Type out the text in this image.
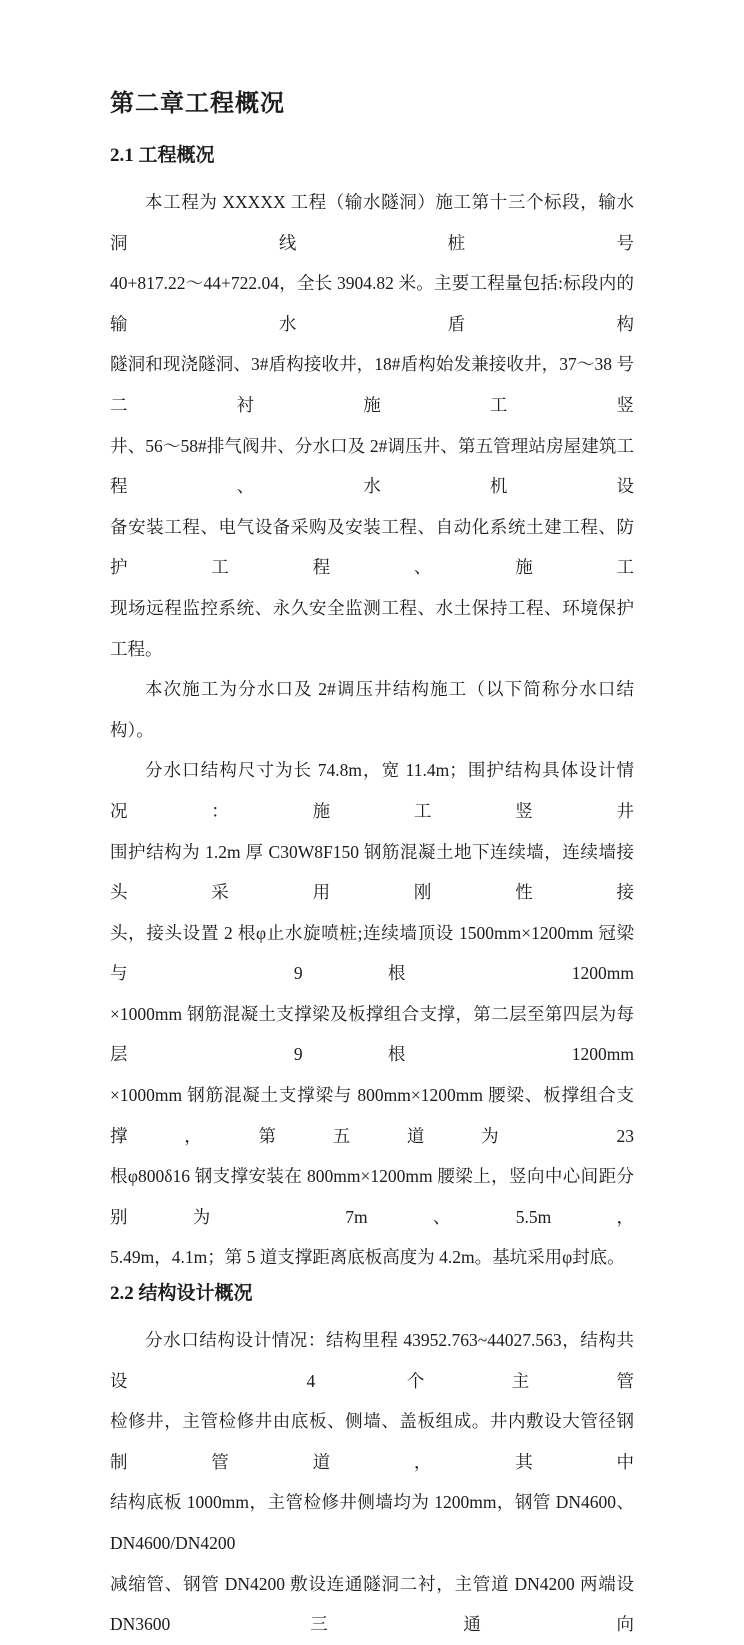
第二章工程概况
2.1 工程概况
本工程为 XXXXX 工程（输水隧洞）施工第十三个标段，输水洞线桩号
40+817.22～44+722.04，全长 3904.82 米。主要工程量包括:标段内的输水盾构
隧洞和现浇隧洞、3#盾构接收井，18#盾构始发兼接收井，37～38 号二衬施工竖
井、56～58#排气阀井、分水口及 2#调压井、第五管理站房屋建筑工程、水机设
备安装工程、电气设备采购及安装工程、自动化系统土建工程、防护工程、施工
现场远程监控系统、永久安全监测工程、水土保持工程、环境保护工程。
本次施工为分水口及 2#调压井结构施工（以下简称分水口结构）。
分水口结构尺寸为长 74.8m，宽 11.4m；围护结构具体设计情况：施工竖井
围护结构为 1.2m 厚 C30W8F150 钢筋混凝土地下连续墙，连续墙接头采用刚性接
头，接头设置 2 根φ止水旋喷桩;连续墙顶设 1500mm×1200mm 冠梁与 9 根 1200mm
×1000mm 钢筋混凝土支撑梁及板撑组合支撑，第二层至第四层为每层 9 根 1200mm
×1000mm 钢筋混凝土支撑梁与 800mm×1200mm 腰梁、板撑组合支撑，第五道为 23
根φ800δ16 钢支撑安装在 800mm×1200mm 腰梁上，竖向中心间距分别为 7m、5.5m，
5.49m，4.1m；第 5 道支撑距离底板高度为 4.2m。基坑采用φ封底。
2.2 结构设计概况
分水口结构设计情况：结构里程 43952.763~44027.563，结构共设 4 个主管
检修井，主管检修井由底板、侧墙、盖板组成。井内敷设大管径钢制管道，其中
结构底板 1000mm，主管检修井侧墙均为 1200mm，钢管 DN4600、DN4600/DN4200
减缩管、钢管 DN4200 敷设连通隧洞二衬，主管道 DN4200 两端设 DN3600 三通向
